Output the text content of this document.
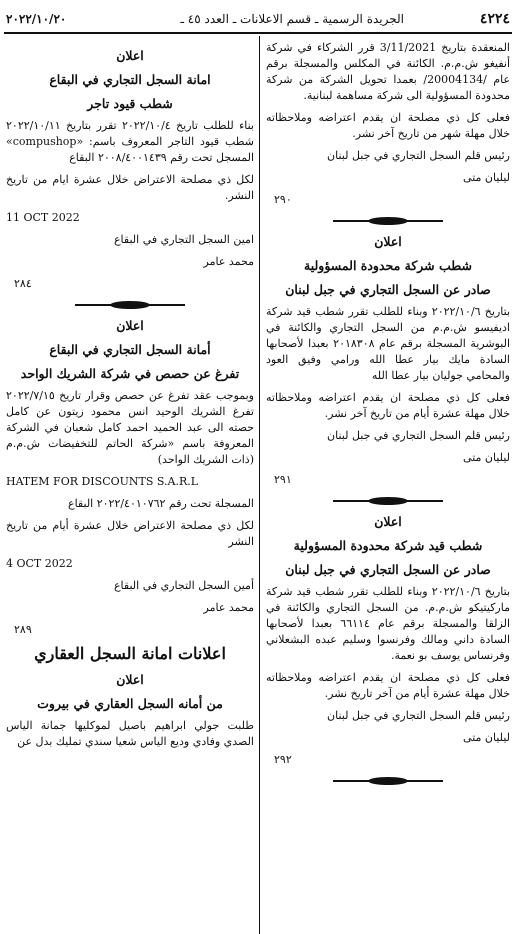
٤٢٢٤
الجريدة الرسمية ـ قسم الاعلانات ـ العدد ٤٥ ـ
٢٠٢٢/١٠/٢٠

المنعقدة بتاريخ 3/11/2021 قرر الشركاء في شركة أنفيغو ش.م.م. الكائنة في المكلس والمسجلة برقم عام /20004134/ بعمدا تحويل الشركة من شركة محدودة المسؤولية الى شركة مساهمة لبنانية.

فعلى كل ذي مصلحة ان يقدم اعتراضه وملاحظاته خلال مهلة شهر من تاريخ آخر نشر.

رئيس قلم السجل التجاري في جبل لبنان

ليليان متى

٢٩٠
اعلان
شطب شركة محدودة المسؤولية
صادر عن السجل التجاري في جبل لبنان

بتاريخ ٢٠٢٢/١٠/٦ وبناء للطلب تقرر شطب قيد شركة اديفيسو ش.م.م من السجل التجاري والكائنة في البوشرية المسجلة برقم عام ٢٠١٨٣٠٨ بعبدا لأصحابها السادة مايك بيار عطا الله ورامي وفيق العود والمحامي جوليان بيار عطا الله

فعلى كل ذي مصلحة ان يقدم اعتراضه وملاحظاته خلال مهلة عشرة أيام من تاريخ آخر نشر.

رئيس قلم السجل التجاري في جبل لبنان

ليليان متى

٢٩١
اعلان
شطب قيد شركة محدودة المسؤولية
صادر عن السجل التجاري في جبل لبنان

بتاريخ ٢٠٢٢/١٠/٦ وبناء للطلب تقرر شطب قيد شركة ماركيتيكو ش.م.م. من السجل التجاري والكائنة في الزلقا والمسجلة برقم عام ٦٦١١٤ بعبدا لأصحابها السادة داني ومالك وفرنسوا وسليم عبده البشعلاني وفرنساس يوسف بو نعمة.

فعلى كل ذي مصلحة ان يقدم اعتراضه وملاحظاته خلال مهلة عشرة أيام من آخر تاريخ نشر.

رئيس قلم السجل التجاري في جبل لبنان

ليليان متى

٢٩٢
اعلان
امانة السجل التجاري في البقاع
شطب قيود تاجر

بناء للطلب تاريخ ٢٠٢٢/١٠/٤ تقرر بتاريخ ٢٠٢٢/١٠/١١ شطب قيود التاجر المعروف باسم: «compushop» المسجل تحت رقم ٢٠٠٨/٤٠٠١٤٣٩ البقاع

لكل ذي مصلحة الاعتراض خلال عشرة ايام من تاريخ النشر.

11 OCT 2022

امين السجل التجاري في البقاع

محمد عامر

٢٨٤
اعلان
أمانة السجل التجاري في البقاع
تفرغ عن حصص في شركة الشريك الواحد

وبموجب عقد تفرغ عن حصص وقرار تاريخ ٢٠٢٢/٧/١٥ تفرغ الشريك الوحيد انس محمود زيتون عن كامل حصته الى عبد الحميد احمد كامل شعبان في الشركة المعروفة باسم «شركة الحاتم للتخفيضات ش.م.م (ذات الشريك الواحد)

HATEM FOR DISCOUNTS S.A.R.L

المسجلة تحت رقم ٢٠٢٢/٤٠١٠٧٦٢ البقاع

لكل ذي مصلحة الاعتراض خلال عشرة أيام من تاريخ النشر

4 OCT 2022

أمين السجل التجاري في البقاع

محمد عامر

٢٨٩
اعلانات امانة السجل العقاري
اعلان
من أمانه السجل العقاري في بيروت

طلبت جولي ابراهيم باصيل لموكليها جمانة الياس الصدي وفادي وديع الياس شعيا سندي تمليك بدل عن
